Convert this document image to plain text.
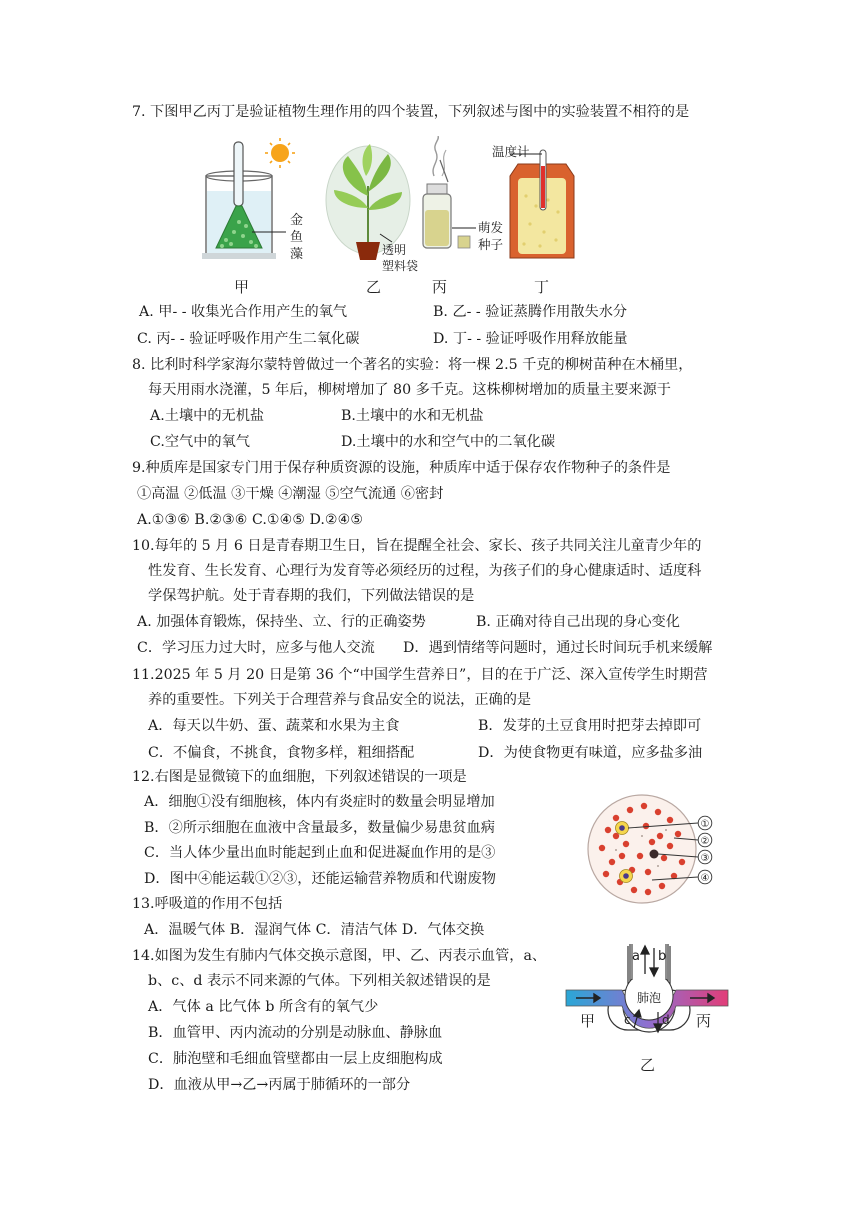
7. 下图甲乙丙丁是验证植物生理作用的四个装置，下列叙述与图中的实验装置不相符的是
金
鱼
藻	透明
塑料袋
萌发
种子
温度计
甲	乙	丙	丁
A. 甲- - 收集光合作用产生的氧气	B. 乙- - 验证蒸腾作用散失水分
C. 丙- - 验证呼吸作用产生二氧化碳	D. 丁- - 验证呼吸作用释放能量
8. 比利时科学家海尔蒙特曾做过一个著名的实验：将一棵 2.5 千克的柳树苗种在木桶里，
每天用雨水浇灌，5 年后，柳树增加了 80 多千克。这株柳树增加的质量主要来源于
A.土壤中的无机盐	B.土壤中的水和无机盐
C.空气中的氧气	D.土壤中的水和空气中的二氧化碳
9.种质库是国家专门用于保存种质资源的设施，种质库中适于保存农作物种子的条件是
①高温 ②低温 ③干燥 ④潮湿 ⑤空气流通 ⑥密封
A.①③⑥ B.②③⑥ C.①④⑤ D.②④⑤
10.每年的 5 月 6 日是青春期卫生日，旨在提醒全社会、家长、孩子共同关注儿童青少年的
性发育、生长发育、心理行为发育等必须经历的过程，为孩子们的身心健康适时、适度科
学保驾护航。处于青春期的我们，下列做法错误的是
A. 加强体育锻炼，保持坐、立、行的正确姿势	B. 正确对待自己出现的身心变化
C．学习压力过大时，应多与他人交流 D．遇到情绪等问题时，通过长时间玩手机来缓解
11.2025 年 5 月 20 日是第 36 个“中国学生营养日”，目的在于广泛、深入宣传学生时期营
养的重要性。下列关于合理营养与食品安全的说法，正确的是
A．每天以牛奶、蛋、蔬菜和水果为主食	B．发芽的土豆食用时把芽去掉即可
C．不偏食，不挑食，食物多样，粗细搭配	D．为使食物更有味道，应多盐多油
12.右图是显微镜下的血细胞，下列叙述错误的一项是
A．细胞①没有细胞核，体内有炎症时的数量会明显增加
B．②所示细胞在血液中含量最多，数量偏少易患贫血病
C．当人体少量出血时能起到止血和促进凝血作用的是③
D．图中④能运载①②③，还能运输营养物质和代谢废物
①
②
③
④
13.呼吸道的作用不包括
A．温暖气体 B．湿润气体 C．清洁气体 D．气体交换
14.如图为发生有肺内气体交换示意图，甲、乙、丙表示血管，a、
b、c、d 表示不同来源的气体。下列相关叙述错误的是
A．气体 a 比气体 b 所含有的氧气少
B．血管甲、丙内流动的分别是动脉血、静脉血
C．肺泡壁和毛细血管壁都由一层上皮细胞构成
D．血液从甲→乙→丙属于肺循环的一部分
a b
c	d
肺泡
甲
乙
丙
